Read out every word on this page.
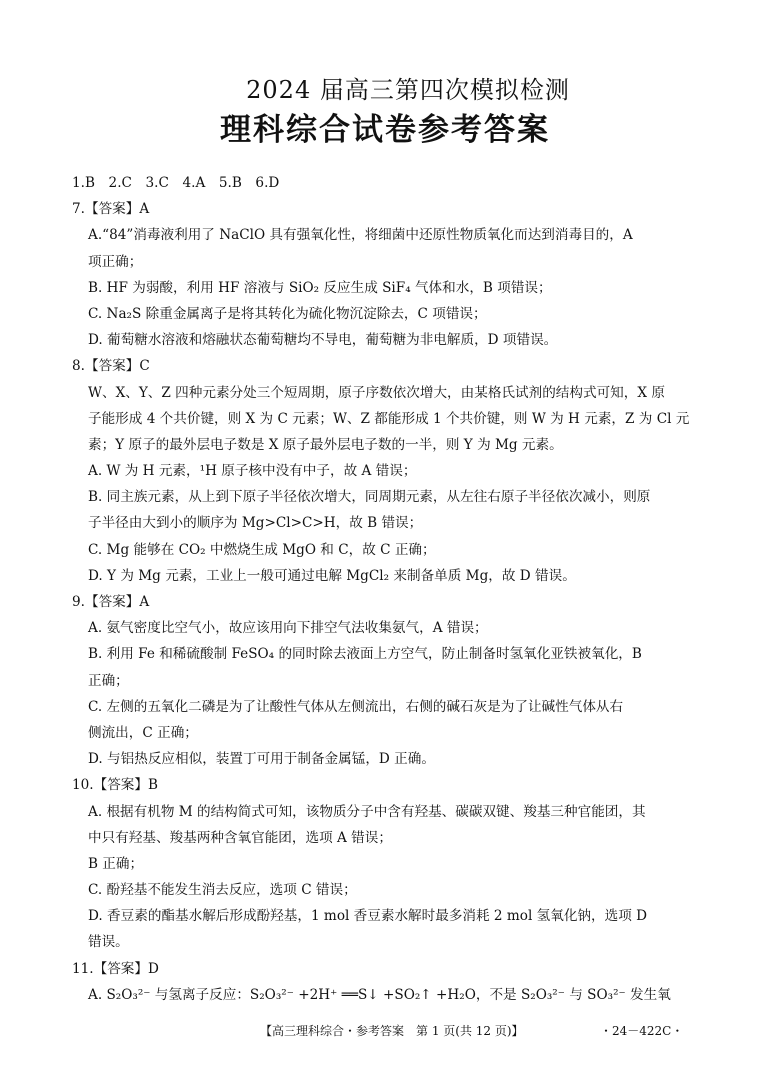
2024 届高三第四次模拟检测
理科综合试卷参考答案
1.B　2.C　3.C　4.A　5.B　6.D
7.【答案】A
A.“84”消毒液利用了 NaClO 具有强氧化性，将细菌中还原性物质氧化而达到消毒目的，A
项正确；
B. HF 为弱酸，利用 HF 溶液与 SiO₂ 反应生成 SiF₄ 气体和水，B 项错误；
C. Na₂S 除重金属离子是将其转化为硫化物沉淀除去，C 项错误；
D. 葡萄糖水溶液和熔融状态葡萄糖均不导电，葡萄糖为非电解质，D 项错误。
8.【答案】C
W、X、Y、Z 四种元素分处三个短周期，原子序数依次增大，由某格氏试剂的结构式可知，X 原
子能形成 4 个共价键，则 X 为 C 元素；W、Z 都能形成 1 个共价键，则 W 为 H 元素，Z 为 Cl 元
素；Y 原子的最外层电子数是 X 原子最外层电子数的一半，则 Y 为 Mg 元素。
A. W 为 H 元素，¹H 原子核中没有中子，故 A 错误；
B. 同主族元素，从上到下原子半径依次增大，同周期元素，从左往右原子半径依次减小，则原
子半径由大到小的顺序为 Mg>Cl>C>H，故 B 错误；
C. Mg 能够在 CO₂ 中燃烧生成 MgO 和 C，故 C 正确；
D. Y 为 Mg 元素，工业上一般可通过电解 MgCl₂ 来制备单质 Mg，故 D 错误。
9.【答案】A
A. 氨气密度比空气小，故应该用向下排空气法收集氨气，A 错误；
B. 利用 Fe 和稀硫酸制 FeSO₄ 的同时除去液面上方空气，防止制备时氢氧化亚铁被氧化，B
正确；
C. 左侧的五氧化二磷是为了让酸性气体从左侧流出，右侧的碱石灰是为了让碱性气体从右
侧流出，C 正确；
D. 与铝热反应相似，装置丁可用于制备金属锰，D 正确。
10.【答案】B
A. 根据有机物 M 的结构简式可知，该物质分子中含有羟基、碳碳双键、羧基三种官能团，其
中只有羟基、羧基两种含氧官能团，选项 A 错误；
B 正确；
C. 酚羟基不能发生消去反应，选项 C 错误；
D. 香豆素的酯基水解后形成酚羟基，1 mol 香豆素水解时最多消耗 2 mol 氢氧化钠，选项 D
错误。
11.【答案】D
A. S₂O₃²⁻ 与氢离子反应：S₂O₃²⁻ +2H⁺ ══S↓ +SO₂↑ +H₂O，不是 S₂O₃²⁻ 与 SO₃²⁻ 发生氧
【高三理科综合・参考答案　第 1 页(共 12 页)】	・24－422C・
